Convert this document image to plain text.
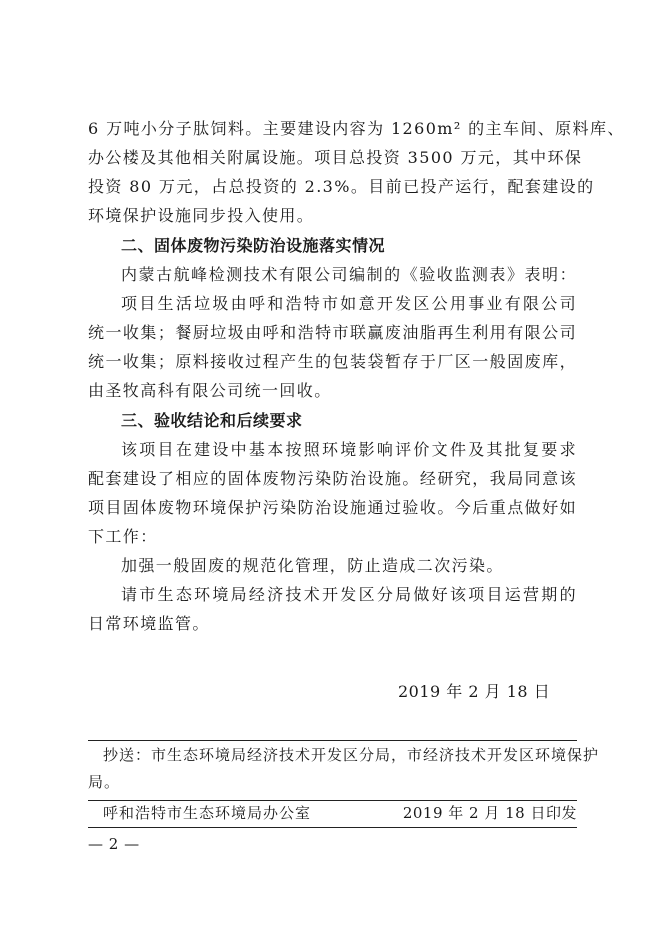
6 万吨小分子肽饲料。主要建设内容为 1260m² 的主车间、原料库、
办公楼及其他相关附属设施。项目总投资 3500 万元，其中环保
投资 80 万元，占总投资的 2.3%。目前已投产运行，配套建设的
环境保护设施同步投入使用。
二、固体废物污染防治设施落实情况
内蒙古航峰检测技术有限公司编制的《验收监测表》表明：
项目生活垃圾由呼和浩特市如意开发区公用事业有限公司
统一收集；餐厨垃圾由呼和浩特市联赢废油脂再生利用有限公司
统一收集；原料接收过程产生的包装袋暂存于厂区一般固废库，
由圣牧高科有限公司统一回收。
三、验收结论和后续要求
该项目在建设中基本按照环境影响评价文件及其批复要求
配套建设了相应的固体废物污染防治设施。经研究，我局同意该
项目固体废物环境保护污染防治设施通过验收。今后重点做好如
下工作：
加强一般固废的规范化管理，防止造成二次污染。
请市生态环境局经济技术开发区分局做好该项目运营期的
日常环境监管。
2019 年 2 月 18 日
抄送：市生态环境局经济技术开发区分局，市经济技术开发区环境保护
局。
呼和浩特市生态环境局办公室	2019 年 2 月 18 日印发
— 2 —
